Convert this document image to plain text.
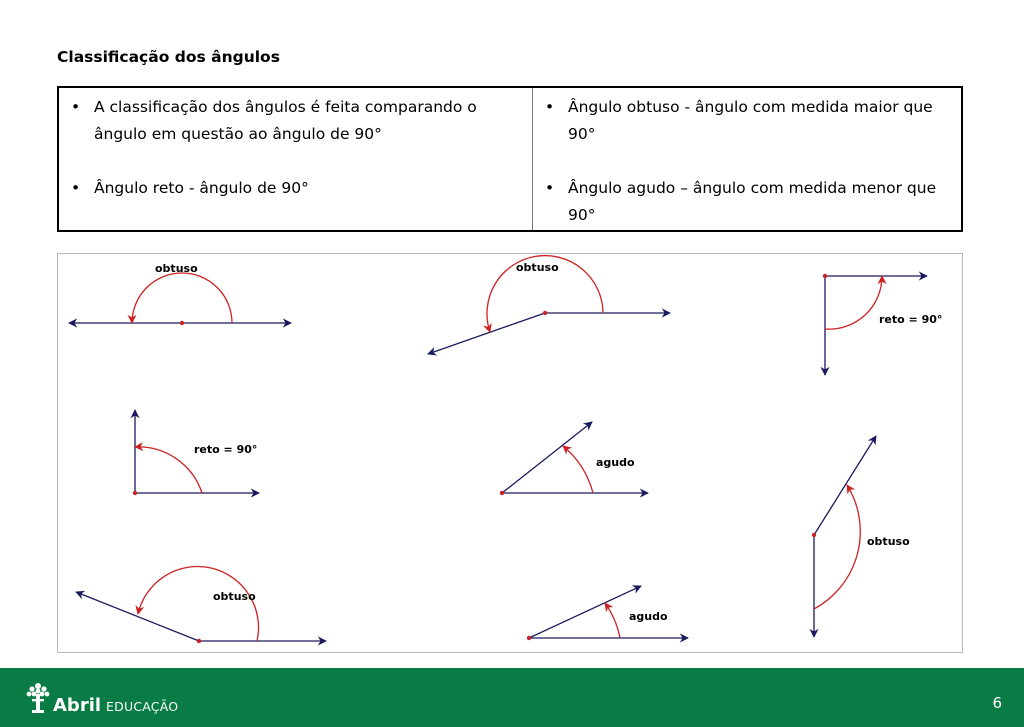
Classificação dos ângulos
• A classificação dos ângulos é feita comparando o ângulo em questão ao ângulo de 90°
• Ângulo reto - ângulo de 90°
• Ângulo obtuso - ângulo com medida maior que 90°
• Ângulo agudo – ângulo com medida menor que 90°
obtuso	obtuso
reto = 90°
reto = 90°
agudo
obtuso
obtuso
agudo
Abril EDUCAÇÃO	6
